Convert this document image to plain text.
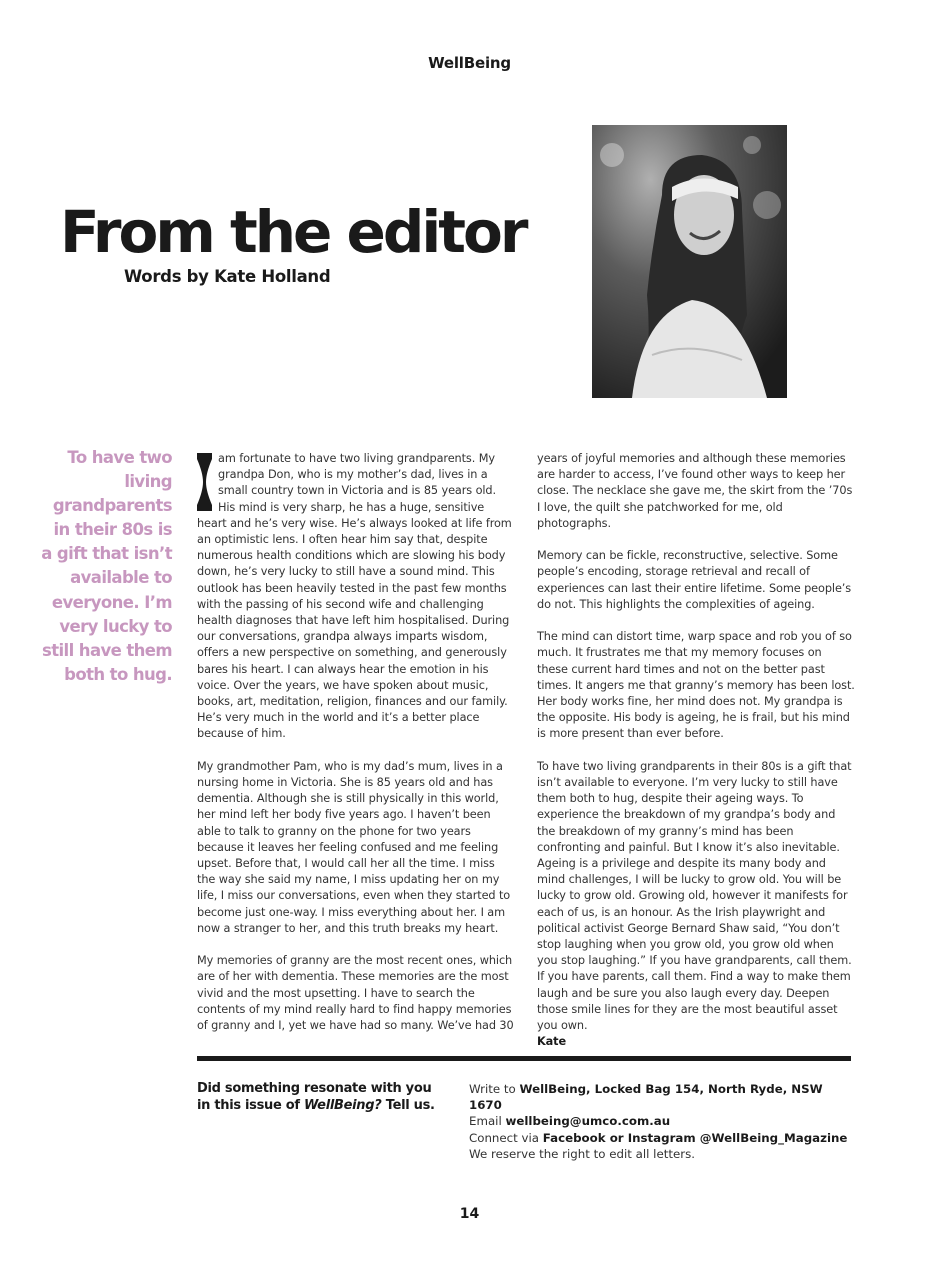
WellBeing
From the editor
Words by Kate Holland
To have two living grandparents in their 80s is a gift that isn’t available to everyone. I’m very lucky to still have them both to hug.

am fortunate to have two living grandparents. My grandpa Don, who is my mother’s dad, lives in a small country town in Victoria and is 85 years old. His mind is very sharp, he has a huge, sensitive heart and he’s very wise. He’s always looked at life from an optimistic lens. I often hear him say that, despite numerous health conditions which are slowing his body down, he’s very lucky to still have a sound mind. This outlook has been heavily tested in the past few months with the passing of his second wife and challenging health diagnoses that have left him hospitalised. During our conversations, grandpa always imparts wisdom, offers a new perspective on something, and generously bares his heart. I can always hear the emotion in his voice. Over the years, we have spoken about music, books, art, meditation, religion, finances and our family. He’s very much in the world and it’s a better place because of him.

My grandmother Pam, who is my dad’s mum, lives in a nursing home in Victoria. She is 85 years old and has dementia. Although she is still physically in this world, her mind left her body five years ago. I haven’t been able to talk to granny on the phone for two years because it leaves her feeling confused and me feeling upset. Before that, I would call her all the time. I miss the way she said my name, I miss updating her on my life, I miss our conversations, even when they started to become just one-way. I miss everything about her. I am now a stranger to her, and this truth breaks my heart.

My memories of granny are the most recent ones, which are of her with dementia. These memories are the most vivid and the most upsetting. I have to search the contents of my mind really hard to find happy memories of granny and I, yet we have had so many. We’ve had 30

years of joyful memories and although these memories are harder to access, I’ve found other ways to keep her close. The necklace she gave me, the skirt from the ’70s I love, the quilt she patchworked for me, old photographs.

Memory can be fickle, reconstructive, selective. Some people’s encoding, storage retrieval and recall of experiences can last their entire lifetime. Some people’s do not. This highlights the complexities of ageing.

The mind can distort time, warp space and rob you of so much. It frustrates me that my memory focuses on these current hard times and not on the better past times. It angers me that granny’s memory has been lost. Her body works fine, her mind does not. My grandpa is the opposite. His body is ageing, he is frail, but his mind is more present than ever before.

To have two living grandparents in their 80s is a gift that isn’t available to everyone. I’m very lucky to still have them both to hug, despite their ageing ways. To experience the breakdown of my grandpa’s body and the breakdown of my granny’s mind has been confronting and painful. But I know it’s also inevitable. Ageing is a privilege and despite its many body and mind challenges, I will be lucky to grow old. You will be lucky to grow old. Growing old, however it manifests for each of us, is an honour. As the Irish playwright and political activist George Bernard Shaw said, “You don’t stop laughing when you grow old, you grow old when you stop laughing.” If you have grandparents, call them. If you have parents, call them. Find a way to make them laugh and be sure you also laugh every day. Deepen those smile lines for they are the most beautiful asset you own.

Kate
Did something resonate with you in this issue of WellBeing? Tell us.
Write to WellBeing, Locked Bag 154, North Ryde, NSW 1670
Email wellbeing@umco.com.au
Connect via Facebook or Instagram @WellBeing_Magazine
We reserve the right to edit all letters.
14
